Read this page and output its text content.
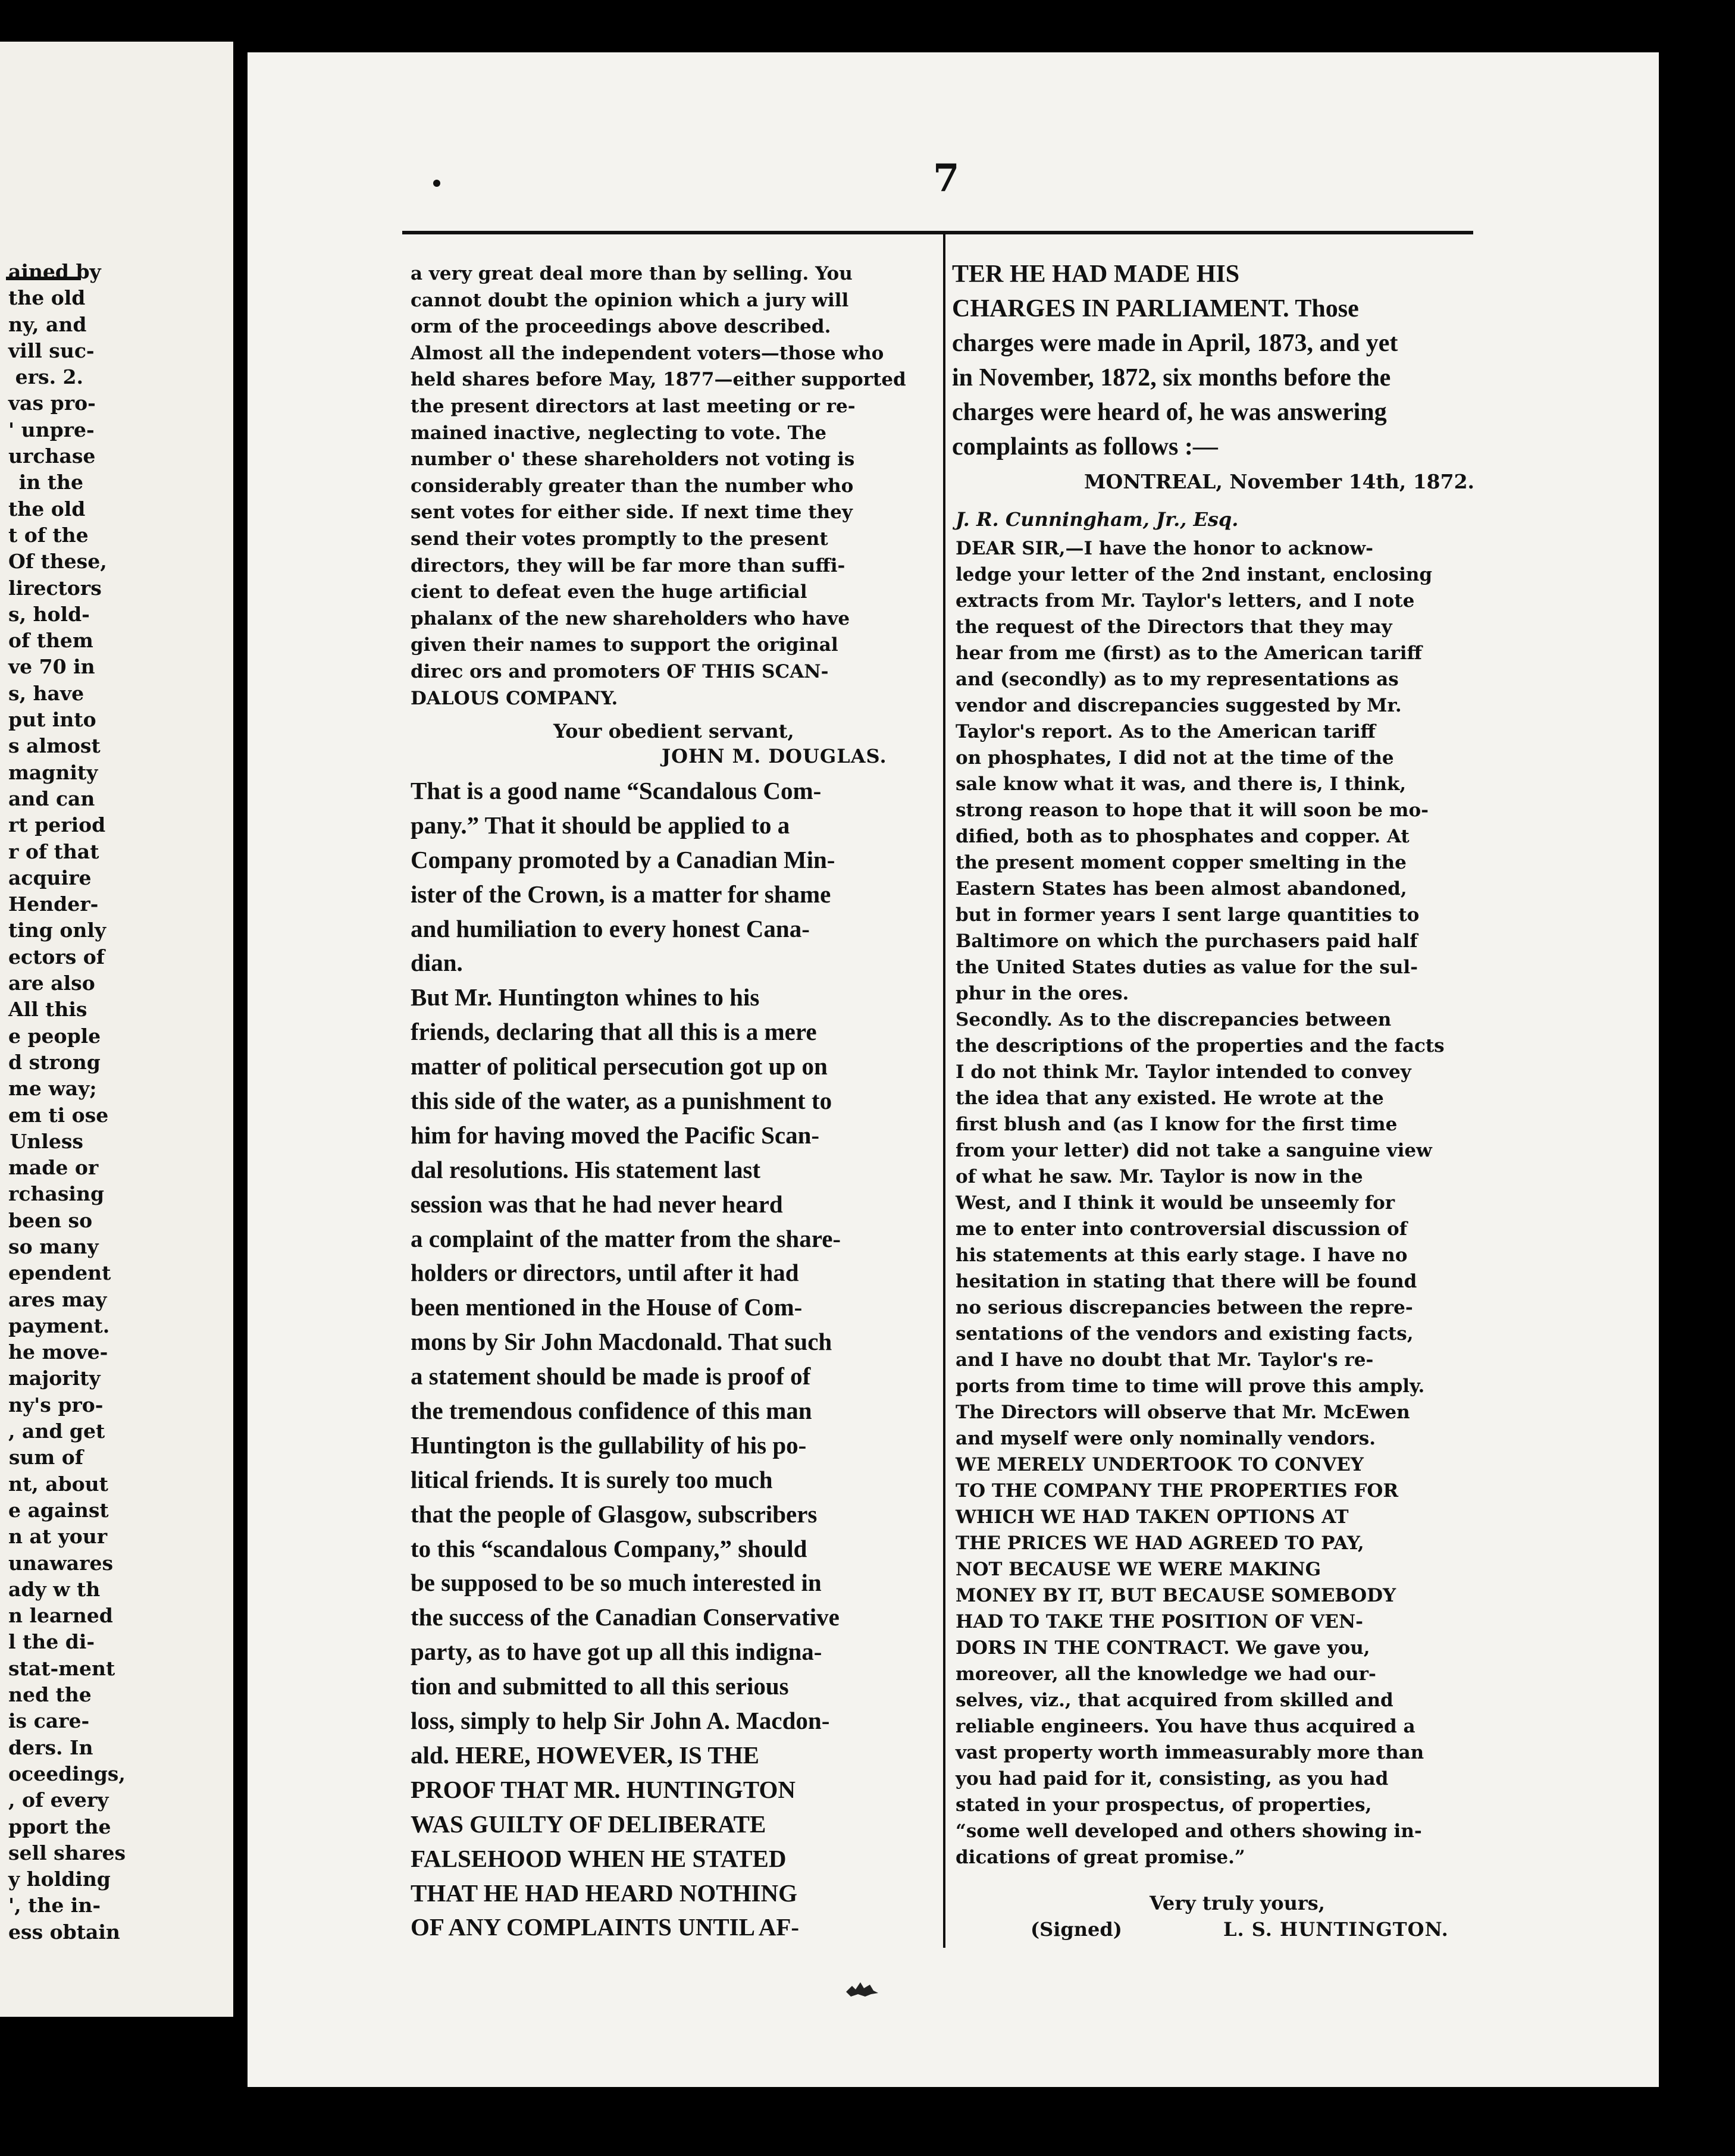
ained by
the old
ny, and
vill suc-
ers. 2.
vas pro-
' unpre-
urchase
in the
the old
t of the
Of these,
lirectors
s, hold-
of them
ve 70 in
s, have
put into
s almost
magnity
and can
rt period
r of that
acquire
Hender-
ting only
ectors of
are also
All this
e people
d strong
me way;
em ti ose
Unless
made or
rchasing
been so
so many
ependent
ares may
payment.
he move-
majority
ny's pro-
, and get
sum of
nt, about
e against
n at your
unawares
ady w th
n learned
l the di-
stat-ment
ned the
is care-
ders. In
oceedings,
, of every
pport the
sell shares
y holding
', the in-
ess obtain
7
a very great deal more than by selling. You
cannot doubt the opinion which a jury will
orm of the proceedings above described.
Almost all the independent voters—those who
held shares before May, 1877—either supported
the present directors at last meeting or re-
mained inactive, neglecting to vote. The
number o' these shareholders not voting is
considerably greater than the number who
sent votes for either side. If next time they
send their votes promptly to the present
directors, they will be far more than suffi-
cient to defeat even the huge artificial
phalanx of the new shareholders who have
given their names to support the original
direc ors and promoters OF THIS SCAN-
DALOUS COMPANY.
Your obedient servant,
JOHN M. DOUGLAS.
That is a good name “Scandalous Com-
pany.” That it should be applied to a
Company promoted by a Canadian Min-
ister of the Crown, is a matter for shame
and humiliation to every honest Cana-
dian.
But Mr. Huntington whines to his
friends, declaring that all this is a mere
matter of political persecution got up on
this side of the water, as a punishment to
him for having moved the Pacific Scan-
dal resolutions. His statement last
session was that he had never heard
a complaint of the matter from the share-
holders or directors, until after it had
been mentioned in the House of Com-
mons by Sir John Macdonald. That such
a statement should be made is proof of
the tremendous confidence of this man
Huntington is the gullability of his po-
litical friends. It is surely too much
that the people of Glasgow, subscribers
to this “scandalous Company,” should
be supposed to be so much interested in
the success of the Canadian Conservative
party, as to have got up all this indigna-
tion and submitted to all this serious
loss, simply to help Sir John A. Macdon-
ald. HERE, HOWEVER, IS THE
PROOF THAT MR. HUNTINGTON
WAS GUILTY OF DELIBERATE
FALSEHOOD WHEN HE STATED
THAT HE HAD HEARD NOTHING
OF ANY COMPLAINTS UNTIL AF-
TER HE HAD MADE HIS
CHARGES IN PARLIAMENT. Those
charges were made in April, 1873, and yet
in November, 1872, six months before the
charges were heard of, he was answering
complaints as follows :—
MONTREAL, November 14th, 1872.
J. R. Cunningham, Jr., Esq.
DEAR SIR,—I have the honor to acknow-
ledge your letter of the 2nd instant, enclosing
extracts from Mr. Taylor's letters, and I note
the request of the Directors that they may
hear from me (first) as to the American tariff
and (secondly) as to my representations as
vendor and discrepancies suggested by Mr.
Taylor's report. As to the American tariff
on phosphates, I did not at the time of the
sale know what it was, and there is, I think,
strong reason to hope that it will soon be mo-
dified, both as to phosphates and copper. At
the present moment copper smelting in the
Eastern States has been almost abandoned,
but in former years I sent large quantities to
Baltimore on which the purchasers paid half
the United States duties as value for the sul-
phur in the ores.
Secondly. As to the discrepancies between
the descriptions of the properties and the facts
I do not think Mr. Taylor intended to convey
the idea that any existed. He wrote at the
first blush and (as I know for the first time
from your letter) did not take a sanguine view
of what he saw. Mr. Taylor is now in the
West, and I think it would be unseemly for
me to enter into controversial discussion of
his statements at this early stage. I have no
hesitation in stating that there will be found
no serious discrepancies between the repre-
sentations of the vendors and existing facts,
and I have no doubt that Mr. Taylor's re-
ports from time to time will prove this amply.
The Directors will observe that Mr. McEwen
and myself were only nominally vendors.
WE MERELY UNDERTOOK TO CONVEY
TO THE COMPANY THE PROPERTIES FOR
WHICH WE HAD TAKEN OPTIONS AT
THE PRICES WE HAD AGREED TO PAY,
NOT BECAUSE WE WERE MAKING
MONEY BY IT, BUT BECAUSE SOMEBODY
HAD TO TAKE THE POSITION OF VEN-
DORS IN THE CONTRACT. We gave you,
moreover, all the knowledge we had our-
selves, viz., that acquired from skilled and
reliable engineers. You have thus acquired a
vast property worth immeasurably more than
you had paid for it, consisting, as you had
stated in your prospectus, of properties,
“some well developed and others showing in-
dications of great promise.”
Very truly yours,
(Signed)	L. S. HUNTINGTON.
